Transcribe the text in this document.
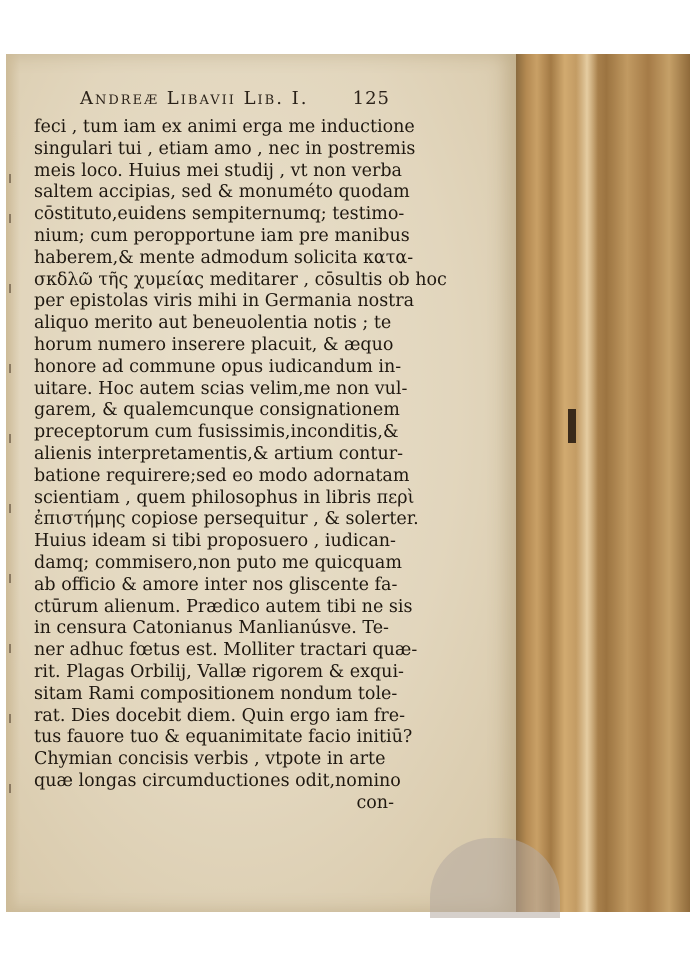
Andreæ Libavii Lib. I. 125
feci , tum iam ex animi erga me inductione
singulari tui , etiam amo , nec in postremis
meis loco. Huius mei studij , vt non verba
saltem accipias, sed & monuméto quodam
cōstituto,euidens sempiternumq; testimo-
nium; cum peropportune iam pre manibus
haberem,& mente admodum solicita κατα-
σκδλῶ τῆς χυμείας meditarer , cōsultis ob hoc
per epistolas viris mihi in Germania nostra
aliquo merito aut beneuolentia notis ; te
horum numero inserere placuit, & æquo
honore ad commune opus iudicandum in-
uitare. Hoc autem scias velim,me non vul-
garem, & qualemcunque consignationem
preceptorum cum fusissimis,inconditis,&
alienis interpretamentis,& artium contur-
batione requirere;sed eo modo adornatam
scientiam , quem philosophus in libris περὶ
ἐπιστήμης copiose persequitur , & solerter.
Huius ideam si tibi proposuero , iudican-
damq; commisero,non puto me quicquam
ab officio & amore inter nos gliscente fa-
ctūrum alienum. Prædico autem tibi ne sis
in censura Catonianus Manlianúsve. Te-
ner adhuc fœtus est. Molliter tractari quæ-
rit. Plagas Orbilij, Vallæ rigorem & exqui-
sitam Rami compositionem nondum tole-
rat. Dies docebit diem. Quin ergo iam fre-
tus fauore tuo & equanimitate facio initiū?
Chymian concisis verbis , vtpote in arte
quæ longas circumductiones odit,nomino
con-
